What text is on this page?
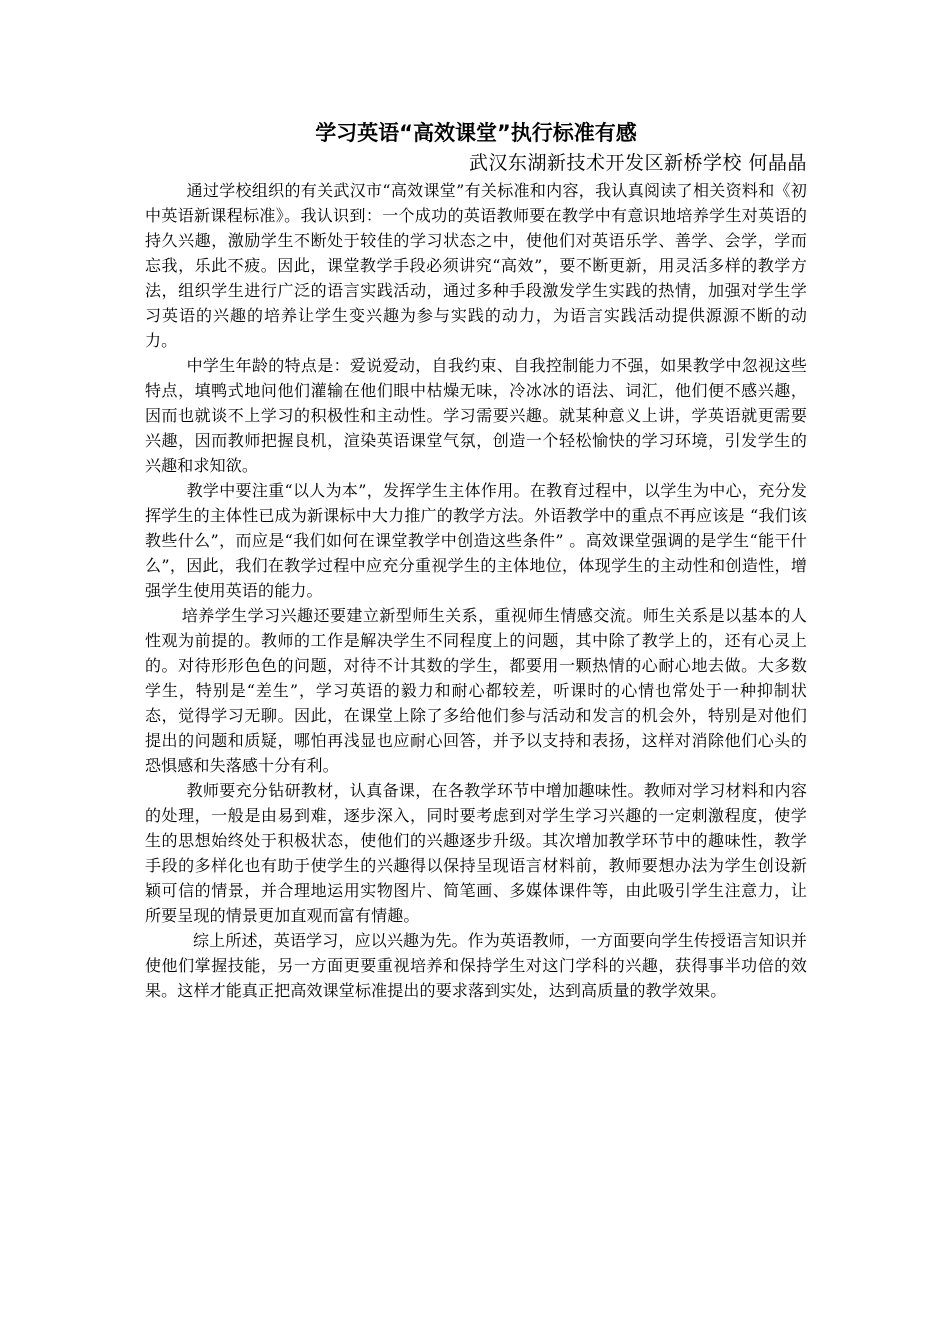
学习英语“高效课堂”执行标准有感

武汉东湖新技术开发区新桥学校 何晶晶

通过学校组织的有关武汉市“高效课堂”有关标准和内容，我认真阅读了相关资料和《初中英语新课程标准》。我认识到：一个成功的英语教师要在教学中有意识地培养学生对英语的持久兴趣，激励学生不断处于较佳的学习状态之中，使他们对英语乐学、善学、会学，学而忘我，乐此不疲。因此，课堂教学手段必须讲究“高效”，要不断更新，用灵活多样的教学方法，组织学生进行广泛的语言实践活动，通过多种手段激发学生实践的热情，加强对学生学习英语的兴趣的培养让学生变兴趣为参与实践的动力，为语言实践活动提供源源不断的动力。

中学生年龄的特点是：爱说爱动，自我约束、自我控制能力不强，如果教学中忽视这些特点，填鸭式地问他们灌输在他们眼中枯燥无味，冷冰冰的语法、词汇，他们便不感兴趣，因而也就谈不上学习的积极性和主动性。学习需要兴趣。就某种意义上讲，学英语就更需要兴趣，因而教师把握良机，渲染英语课堂气氛，创造一个轻松愉快的学习环境，引发学生的兴趣和求知欲。

教学中要注重“以人为本”，发挥学生主体作用。在教育过程中，以学生为中心，充分发挥学生的主体性已成为新课标中大力推广的教学方法。外语教学中的重点不再应该是 “我们该教些什么”，而应是“我们如何在课堂教学中创造这些条件” 。高效课堂强调的是学生“能干什么”，因此，我们在教学过程中应充分重视学生的主体地位，体现学生的主动性和创造性，增强学生使用英语的能力。

培养学生学习兴趣还要建立新型师生关系，重视师生情感交流。师生关系是以基本的人性观为前提的。教师的工作是解决学生不同程度上的问题，其中除了教学上的，还有心灵上的。对待形形色色的问题，对待不计其数的学生，都要用一颗热情的心耐心地去做。大多数学生，特别是“差生”，学习英语的毅力和耐心都较差，听课时的心情也常处于一种抑制状态，觉得学习无聊。因此，在课堂上除了多给他们参与活动和发言的机会外，特别是对他们提出的问题和质疑，哪怕再浅显也应耐心回答，并予以支持和表扬，这样对消除他们心头的恐惧感和失落感十分有利。

教师要充分钻研教材，认真备课，在各教学环节中增加趣味性。教师对学习材料和内容的处理，一般是由易到难，逐步深入，同时要考虑到对学生学习兴趣的一定刺激程度，使学生的思想始终处于积极状态，使他们的兴趣逐步升级。其次增加教学环节中的趣味性，教学手段的多样化也有助于使学生的兴趣得以保持呈现语言材料前，教师要想办法为学生创设新颖可信的情景，并合理地运用实物图片、简笔画、多媒体课件等，由此吸引学生注意力，让所要呈现的情景更加直观而富有情趣。

综上所述，英语学习，应以兴趣为先。作为英语教师，一方面要向学生传授语言知识并使他们掌握技能，另一方面更要重视培养和保持学生对这门学科的兴趣，获得事半功倍的效果。这样才能真正把高效课堂标准提出的要求落到实处，达到高质量的教学效果。
